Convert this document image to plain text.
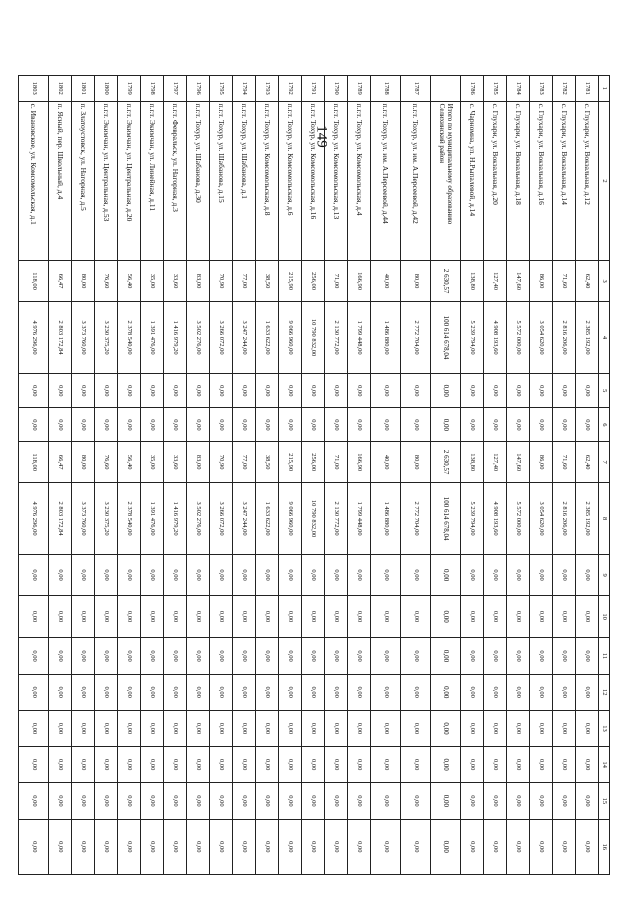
149
1	2	3	4	5	6	7	8	9	10	11	12	13	14	15	16
1781	с. Глухари, ул. Вокзальная, д.12	62,40	2 385 192,00	0,00	0,00	62,40	2 385 192,00	0,00	0,00	0,00	0,00	0,00	0,00	0,00	0,00
1782	с. Глухари, ул. Вокзальная, д.14	71,60	2 816 206,00	0,00	0,00	71,60	2 816 206,00	0,00	0,00	0,00	0,00	0,00	0,00	0,00	0,00
1783	с. Глухари, ул. Вокзальная, д.16	86,00	3 054 620,00	0,00	0,00	86,00	3 054 620,00	0,00	0,00	0,00	0,00	0,00	0,00	0,00	0,00
1784	с. Глухари, ул. Вокзальная, д.18	147,60	5 572 000,00	0,00	0,00	147,60	5 572 000,00	0,00	0,00	0,00	0,00	0,00	0,00	0,00	0,00
1785	с. Глухари, ул. Вокзальная, д.20	127,40	4 908 193,60	0,00	0,00	127,40	4 908 193,60	0,00	0,00	0,00	0,00	0,00	0,00	0,00	0,00
1786	с. Чарномна, ул. Н.Рыпалевой, д.14	138,80	5 239 794,00	0,00	0,00	138,80	5 239 794,00	0,00	0,00	0,00	0,00	0,00	0,00	0,00	0,00
	Итого по муниципальному образованию Селихинский район	2 630,57	100 614 678,04	0,00	0,00	2 630,57	100 614 678,04	0,00	0,00	0,00	0,00	0,00	0,00	0,00	0,00
1787	п.г.т. Тохур, ул. им. А.Персеевой, д.42	80,00	2 772 704,00	0,00	0,00	80,00	2 772 704,00	0,00	0,00	0,00	0,00	0,00	0,00	0,00	0,00
1788	п.г.т. Тохур, ул. им. А.Персеевой, д.44	40,00	1 486 880,00	0,00	0,00	40,00	1 486 880,00	0,00	0,00	0,00	0,00	0,00	0,00	0,00	0,00
1789	п.г.т. Тохур, ул. Комсомольская, д.4	166,90	1 799 448,00	0,00	0,00	166,90	1 799 448,00	0,00	0,00	0,00	0,00	0,00	0,00	0,00	0,00
1790	п.г.т. Тохур, ул. Комсомольская, д.13	71,00	2 130 772,00	0,00	0,00	71,00	2 130 772,00	0,00	0,00	0,00	0,00	0,00	0,00	0,00	0,00
1791	п.г.т. Тохур, ул. Комсомольская, д.16	256,00	10 790 832,00	0,00	0,00	256,00	10 790 832,00	0,00	0,00	0,00	0,00	0,00	0,00	0,00	0,00
1792	п.г.т. Тохур, ул. Комсомольская, д.6	215,90	9 066 960,00	0,00	0,00	215,90	9 066 960,00	0,00	0,00	0,00	0,00	0,00	0,00	0,00	0,00
1793	п.г.т. Тохур, ул. Комсомольская, д.8	38,50	1 633 622,00	0,00	0,00	38,50	1 633 622,00	0,00	0,00	0,00	0,00	0,00	0,00	0,00	0,00
1794	п.г.т. Тохур, ул. Шабанова, д.1	77,00	3 247 244,00	0,00	0,00	77,00	3 247 244,00	0,00	0,00	0,00	0,00	0,00	0,00	0,00	0,00
1795	п.г.т. Тохур, ул. Шабанова, д.15	70,90	3 266 072,00	0,00	0,00	70,90	3 266 072,00	0,00	0,00	0,00	0,00	0,00	0,00	0,00	0,00
1796	п.г.т. Тохур, ул. Шабанова, д.30	83,00	3 502 276,00	0,00	0,00	83,00	3 502 276,00	0,00	0,00	0,00	0,00	0,00	0,00	0,00	0,00
1797	п.г.т. Февральск, ул. Нагорная, д.3	33,60	1 416 979,20	0,00	0,00	33,60	1 416 979,20	0,00	0,00	0,00	0,00	0,00	0,00	0,00	0,00
1798	п.г.т. Экимчан, ул. Линейная, д.11	35,00	1 391 476,00	0,00	0,00	35,00	1 391 476,00	0,00	0,00	0,00	0,00	0,00	0,00	0,00	0,00
1799	п.г.т. Экимчан, ул. Центральная, д.20	56,40	2 378 540,00	0,00	0,00	56,40	2 378 540,00	0,00	0,00	0,00	0,00	0,00	0,00	0,00	0,00
1800	п.г.т. Экимчан, ул. Центральная, д.53	76,60	3 230 375,20	0,00	0,00	76,60	3 230 375,20	0,00	0,00	0,00	0,00	0,00	0,00	0,00	0,00
1801	п. Златоустовск, ул. Нагорная, д.5	80,00	3 373 760,00	0,00	0,00	80,00	3 373 760,00	0,00	0,00	0,00	0,00	0,00	0,00	0,00	0,00
1802	п. Ясный, пер. Школьный, д.4	66,47	2 803 172,84	0,00	0,00	66,47	2 803 172,84	0,00	0,00	0,00	0,00	0,00	0,00	0,00	0,00
1803	с. Ивановское, ул. Комсомольская, д.1	118,00	4 976 296,00	0,00	0,00	118,00	4 976 296,00	0,00	0,00	0,00	0,00	0,00	0,00	0,00	0,00
